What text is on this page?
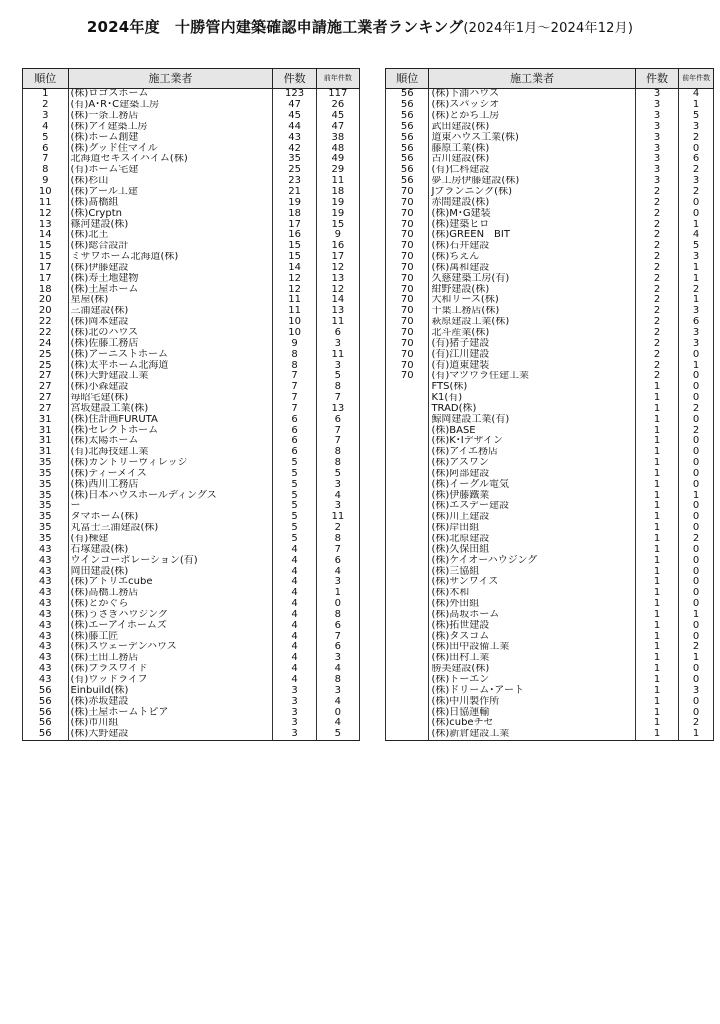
2024年度　十勝管内建築確認申請施工業者ランキング(2024年1月～2024年12月)
順位	施工業者	件数	前年件数
1	(株)ロゴスホーム	123	117
2	(有)A･R･C建築工房	47	26
3	(株)一条工務店	45	45
4	(株)アイ建築工房	44	47
5	(株)ホーム創建	43	38
6	(株)グッド住マイル	42	48
7	北海道セキスイハイム(株)	35	49
8	(有)ホーム宅建	25	29
9	(株)杉山	23	11
10	(株)アール工建	21	18
11	(株)髙橋組	19	19
12	(株)Cryptn	18	19
13	篠河建設(株)	17	15
14	(株)北王	16	9
15	(株)総合設計	15	16
15	ミサワホーム北海道(株)	15	17
17	(株)伊藤建設	14	12
17	(株)寿土地建物	12	13
18	(株)土屋ホーム	12	12
20	星屋(株)	11	14
20	三浦建設(株)	11	13
22	(株)岡本建設	10	11
22	(株)北のハウス	10	6
24	(株)佐藤工務店	9	3
25	(株)アーニストホーム	8	11
25	(株)太平ホーム北海道	8	3
27	(株)天野建設工業	7	5
27	(株)小森建設	7	8
27	毎昭宅建(株)	7	7
27	宮坂建設工業(株)	7	13
31	(株)住計画FURUTA	6	6
31	(株)セレクトホーム	6	7
31	(株)太陽ホーム	6	7
31	(有)北海技建工業	6	8
35	(株)カントリーヴィレッジ	5	8
35	(株)ティーメイス	5	5
35	(株)西川工務店	5	3
35	(株)日本ハウスホールディングス	5	4
35	ー	5	3
35	タマホーム(株)	5	11
35	丸富士三浦建設(株)	5	2
35	(有)棟建	5	8
43	石塚建設(株)	4	7
43	ウインコーポレーション(有)	4	6
43	岡田建設(株)	4	4
43	(株)アトリエcube	4	3
43	(株)高橋工務店	4	1
43	(株)とかぐら	4	0
43	(株)うさぎハウジング	4	8
43	(株)エーアイホームズ	4	6
43	(株)藤工匠	4	7
43	(株)スウェーデンハウス	4	6
43	(株)土田工務店	4	3
43	(株)ブラスワイド	4	4
43	(有)ウッドライフ	4	8
56	Einbuild(株)	3	3
56	(株)赤坂建設	3	4
56	(株)土屋ホームトピア	3	0
56	(株)市川組	3	4
56	(株)大野建設	3	5
順位	施工業者	件数	前年件数
56	(株)下浦ハウス	3	4
56	(株)スパッシオ	3	1
56	(株)とかち工房	3	5
56	武田建設(株)	3	3
56	道東ハウス工業(株)	3	2
56	藤原工業(株)	3	0
56	古川建設(株)	3	6
56	(有)仁科建設	3	2
56	夢工房伊藤建設(株)	3	3
70	Jプランニング(株)	2	2
70	赤間建設(株)	2	0
70	(株)M･G建装	2	0
70	(株)建築ヒロ	2	1
70	(株)GREEN　BIT	2	4
70	(株)石井建設	2	5
70	(株)ちえん	2	3
70	(株)萬和建設	2	1
70	久慈建築工房(有)	2	1
70	紺野建設(株)	2	2
70	大和リース(株)	2	1
70	千葉工務店(株)	2	3
70	萩原建設工業(株)	2	6
70	北斗産業(株)	2	3
70	(有)猪子建設	2	3
70	(有)江川建設	2	0
70	(有)道東建装	2	1
70	(有)マツウラ住建工業	2	0
	FTS(株)	1	0
	K1(有)	1	0
	TRAD(株)	1	2
	鯨岡建設工業(有)	1	0
	(株)BASE	1	2
	(株)K･Iデザイン	1	0
	(株)アイエ務店	1	0
	(株)アスワン	1	0
	(株)阿部建設	1	0
	(株)イーグル電気	1	0
	(株)伊藤鐵業	1	1
	(株)エスデー建設	1	0
	(株)川上建設	1	0
	(株)岸田組	1	0
	(株)北原建設	1	2
	(株)久保田組	1	0
	(株)ケイオーハウジング	1	0
	(株)三協組	1	0
	(株)サンワイズ	1	0
	(株)木和	1	0
	(株)外田組	1	0
	(株)高坂ホーム	1	1
	(株)拓世建設	1	0
	(株)タスコム	1	0
	(株)田中設備工業	1	2
	(株)田村工業	1	1
	勝美建設(株)	1	0
	(株)トーエン	1	0
	(株)ドリーム･アート	1	3
	(株)中川製作所	1	0
	(株)日協運輸	1	0
	(株)cubeチセ	1	2
	(株)新倉建設工業	1	1
